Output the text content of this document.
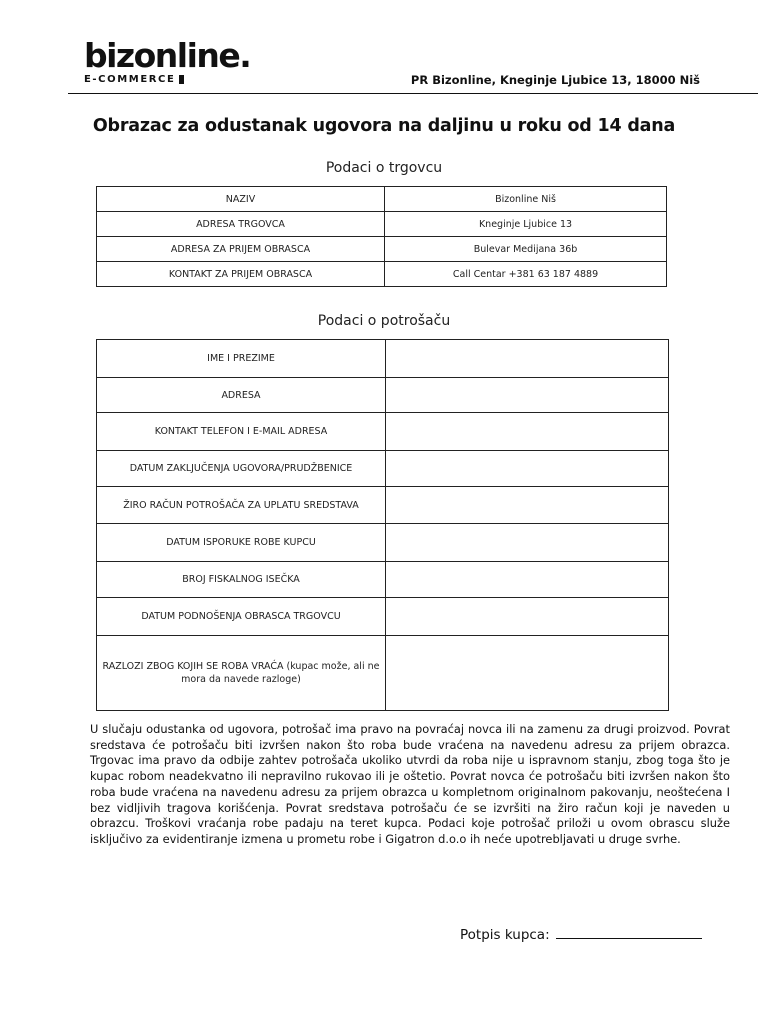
bizonline.
E-COMMERCE	PR Bizonline, Kneginje Ljubice 13, 18000 Niš
Obrazac za odustanak ugovora na daljinu u roku od 14 dana
Podaci o trgovcu
NAZIV	Bizonline Niš
ADRESA TRGOVCA	Kneginje Ljubice 13
ADRESA ZA PRIJEM OBRASCA	Bulevar Medijana 36b
KONTAKT ZA PRIJEM OBRASCA	Call Centar +381 63 187 4889
Podaci o potrošaču
IME I PREZIME	
ADRESA	
KONTAKT TELEFON I E-MAIL ADRESA	
DATUM ZAKLJUČENJA UGOVORA/PRUDŽBENICE	
ŽIRO RAČUN POTROŠAČA ZA UPLATU SREDSTAVA	
DATUM ISPORUKE ROBE KUPCU	
BROJ FISKALNOG ISEČKA	
DATUM PODNOŠENJA OBRASCA TRGOVCU	
RAZLOZI ZBOG KOJIH SE ROBA VRAĆA (kupac može, ali ne mora da navede razloge)	
U slučaju odustanka od ugovora, potrošač ima pravo na povraćaj novca ili na zamenu za drugi proizvod. Povrat sredstava će potrošaču biti izvršen nakon što roba bude vraćena na navedenu adresu za prijem obrazca. Trgovac ima pravo da odbije zahtev potrošača ukoliko utvrdi da roba nije u ispravnom stanju, zbog toga što je kupac robom neadekvatno ili nepravilno rukovao ili je oštetio. Povrat novca će potrošaču biti izvršen nakon što roba bude vraćena na navedenu adresu za prijem obrazca u kompletnom originalnom pakovanju, neoštećena I bez vidljivih tragova korišćenja. Povrat sredstava potrošaču će se izvršiti na žiro račun koji je naveden u obrazcu. Troškovi vraćanja robe padaju na teret kupca. Podaci koje potrošač priloži u ovom obrascu služe isključivo za evidentiranje izmena u prometu robe i Gigatron d.o.o ih neće upotrebljavati u druge svrhe.
Potpis kupca:
